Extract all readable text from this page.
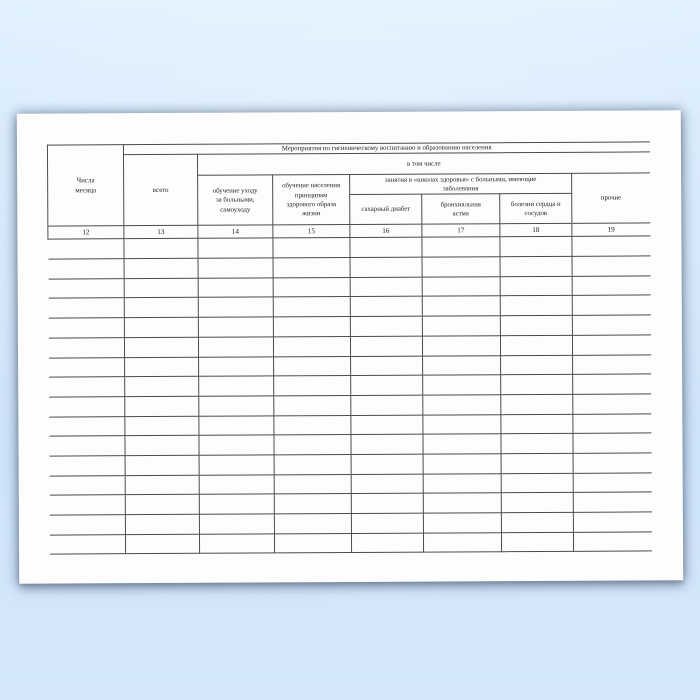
Числа месяца	Мероприятия по гигиеническому воспитанию и образованию населения						
	всего	в том числе					
		обучение уходу за больными, самоуходу	обучение населения принципам здорового образа жизни	занятия в «школах здоровья» с больными, имеющие заболевания			прочие
				сахарный диабет	бронхиальная астма	болезни сердца и сосудов	
12	13	14	15	16	17	18	19
